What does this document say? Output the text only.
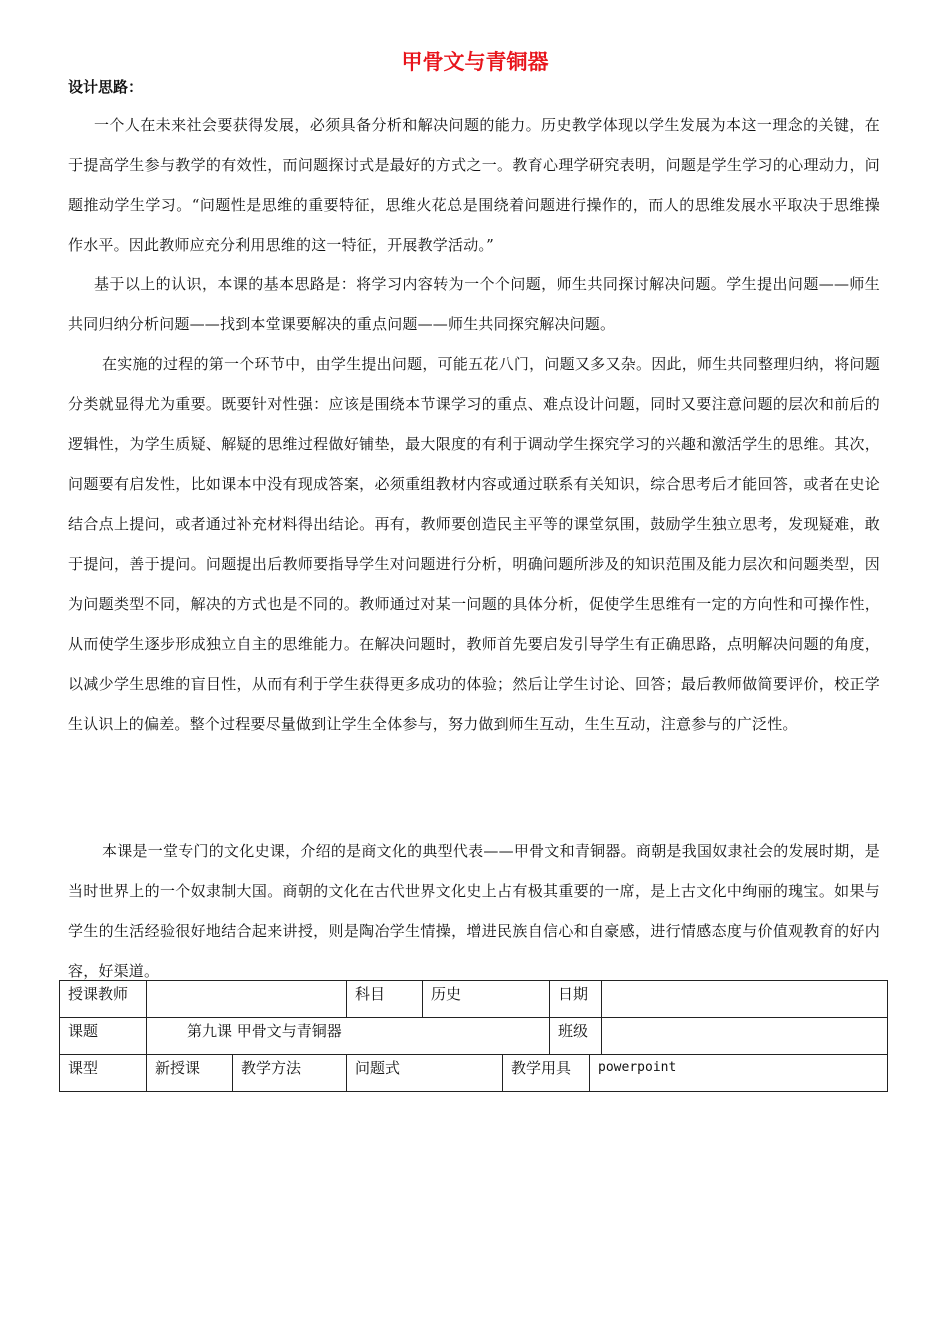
甲骨文与青铜器
设计思路：

一个人在未来社会要获得发展，必须具备分析和解决问题的能力。历史教学体现以学生发展为本这一理念的关键，在于提高学生参与教学的有效性，而问题探讨式是最好的方式之一。教育心理学研究表明，问题是学生学习的心理动力，问题推动学生学习。“问题性是思维的重要特征，思维火花总是围绕着问题进行操作的，而人的思维发展水平取决于思维操作水平。因此教师应充分利用思维的这一特征，开展教学活动。”

基于以上的认识，本课的基本思路是：将学习内容转为一个个问题，师生共同探讨解决问题。学生提出问题——师生共同归纳分析问题——找到本堂课要解决的重点问题——师生共同探究解决问题。

在实施的过程的第一个环节中，由学生提出问题，可能五花八门，问题又多又杂。因此，师生共同整理归纳，将问题分类就显得尤为重要。既要针对性强：应该是围绕本节课学习的重点、难点设计问题，同时又要注意问题的层次和前后的逻辑性，为学生质疑、解疑的思维过程做好铺垫，最大限度的有利于调动学生探究学习的兴趣和激活学生的思维。其次，问题要有启发性，比如课本中没有现成答案，必须重组教材内容或通过联系有关知识，综合思考后才能回答，或者在史论结合点上提问，或者通过补充材料得出结论。再有，教师要创造民主平等的课堂氛围，鼓励学生独立思考，发现疑难，敢于提问，善于提问。问题提出后教师要指导学生对问题进行分析，明确问题所涉及的知识范围及能力层次和问题类型，因为问题类型不同，解决的方式也是不同的。教师通过对某一问题的具体分析，促使学生思维有一定的方向性和可操作性，从而使学生逐步形成独立自主的思维能力。在解决问题时，教师首先要启发引导学生有正确思路，点明解决问题的角度，以减少学生思维的盲目性，从而有利于学生获得更多成功的体验；然后让学生讨论、回答；最后教师做简要评价，校正学生认识上的偏差。整个过程要尽量做到让学生全体参与，努力做到师生互动，生生互动，注意参与的广泛性。

本课是一堂专门的文化史课，介绍的是商文化的典型代表——甲骨文和青铜器。商朝是我国奴隶社会的发展时期，是当时世界上的一个奴隶制大国。商朝的文化在古代世界文化史上占有极其重要的一席，是上古文化中绚丽的瑰宝。如果与学生的生活经验很好地结合起来讲授，则是陶冶学生情操，增进民族自信心和自豪感，进行情感态度与价值观教育的好内容，好渠道。

授课教师			科目	历史		日期		
课题	第九课 甲骨文与青铜器					班级		
课型	新授课	教学方法	问题式		教学用具		powerpoint	
